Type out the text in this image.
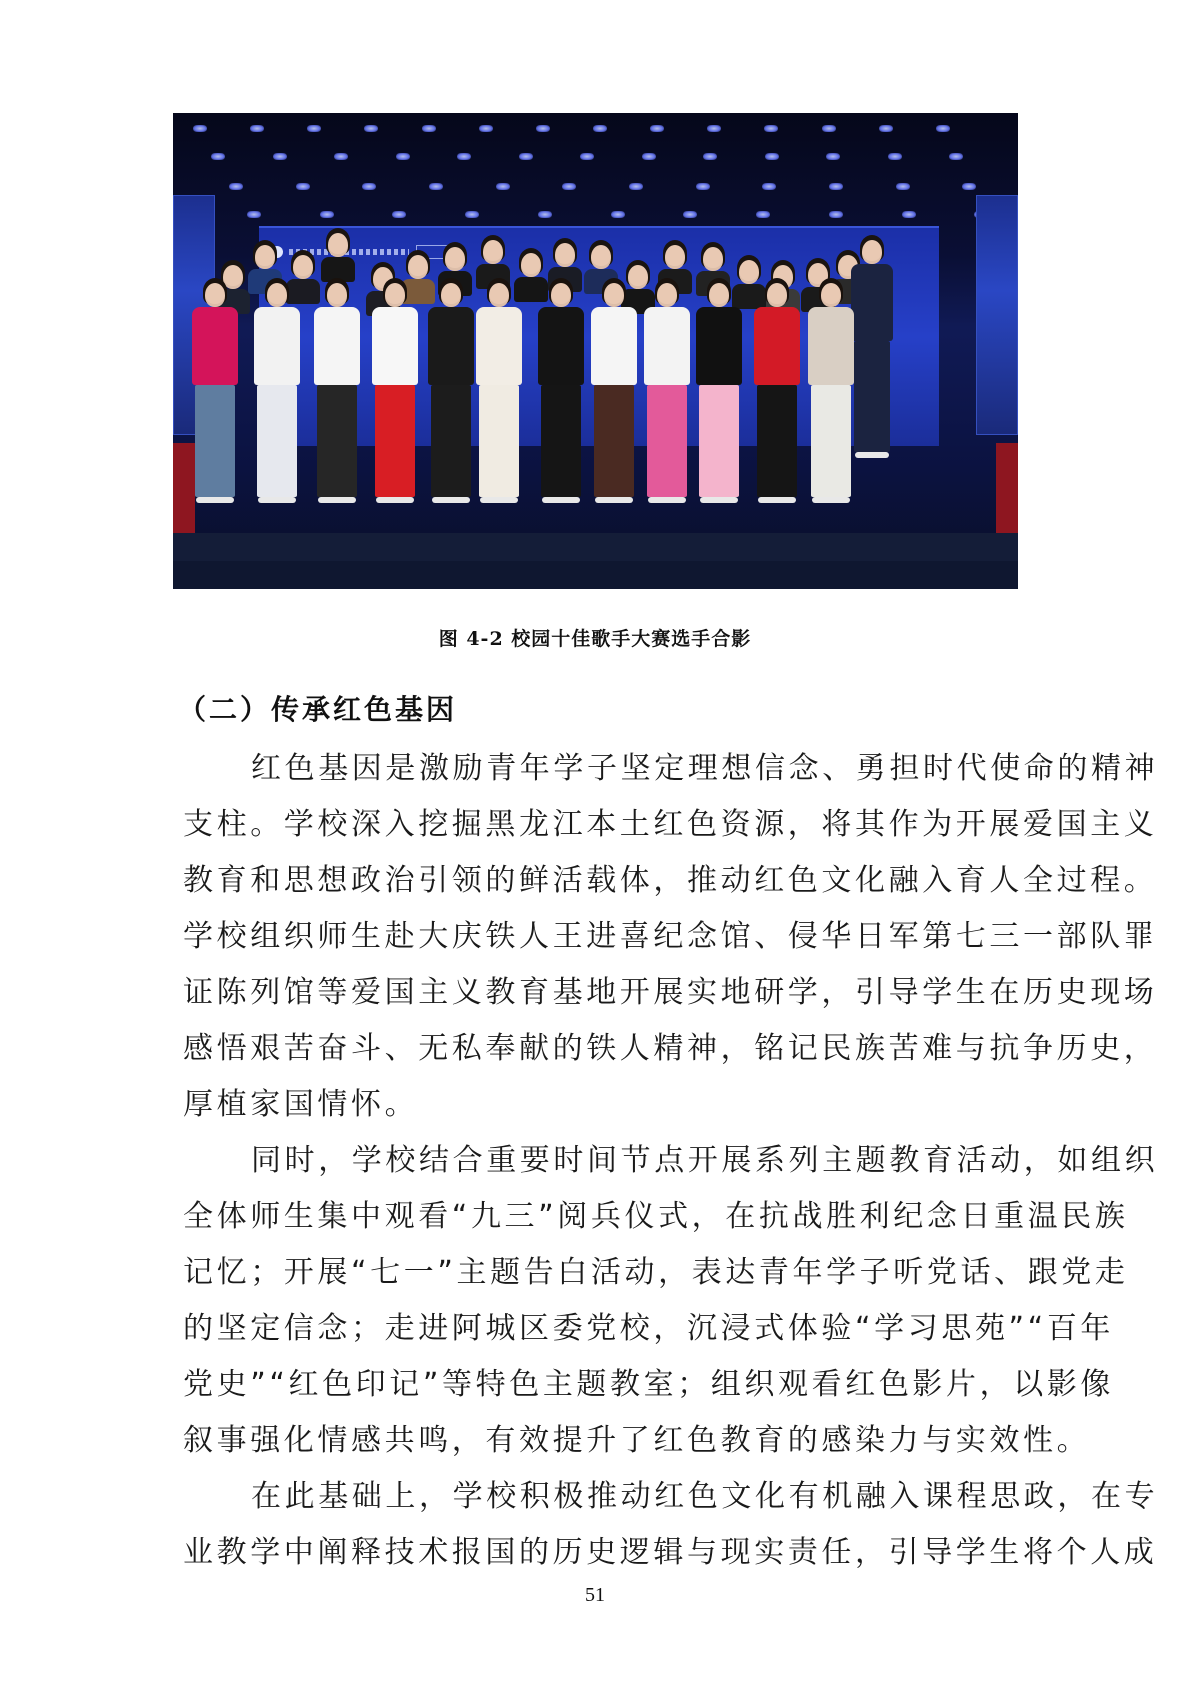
图 4-2 校园十佳歌手大赛选手合影
（二）传承红色基因
红色基因是激励青年学子坚定理想信念、勇担时代使命的精神
支柱。学校深入挖掘黑龙江本土红色资源，将其作为开展爱国主义
教育和思想政治引领的鲜活载体，推动红色文化融入育人全过程。
学校组织师生赴大庆铁人王进喜纪念馆、侵华日军第七三一部队罪
证陈列馆等爱国主义教育基地开展实地研学，引导学生在历史现场
感悟艰苦奋斗、无私奉献的铁人精神，铭记民族苦难与抗争历史，
厚植家国情怀。
同时，学校结合重要时间节点开展系列主题教育活动，如组织
全体师生集中观看“九三”阅兵仪式，在抗战胜利纪念日重温民族
记忆；开展“七一”主题告白活动，表达青年学子听党话、跟党走
的坚定信念；走进阿城区委党校，沉浸式体验“学习思苑”“百年
党史”“红色印记”等特色主题教室；组织观看红色影片，以影像
叙事强化情感共鸣，有效提升了红色教育的感染力与实效性。
在此基础上，学校积极推动红色文化有机融入课程思政，在专
业教学中阐释技术报国的历史逻辑与现实责任，引导学生将个人成
51
